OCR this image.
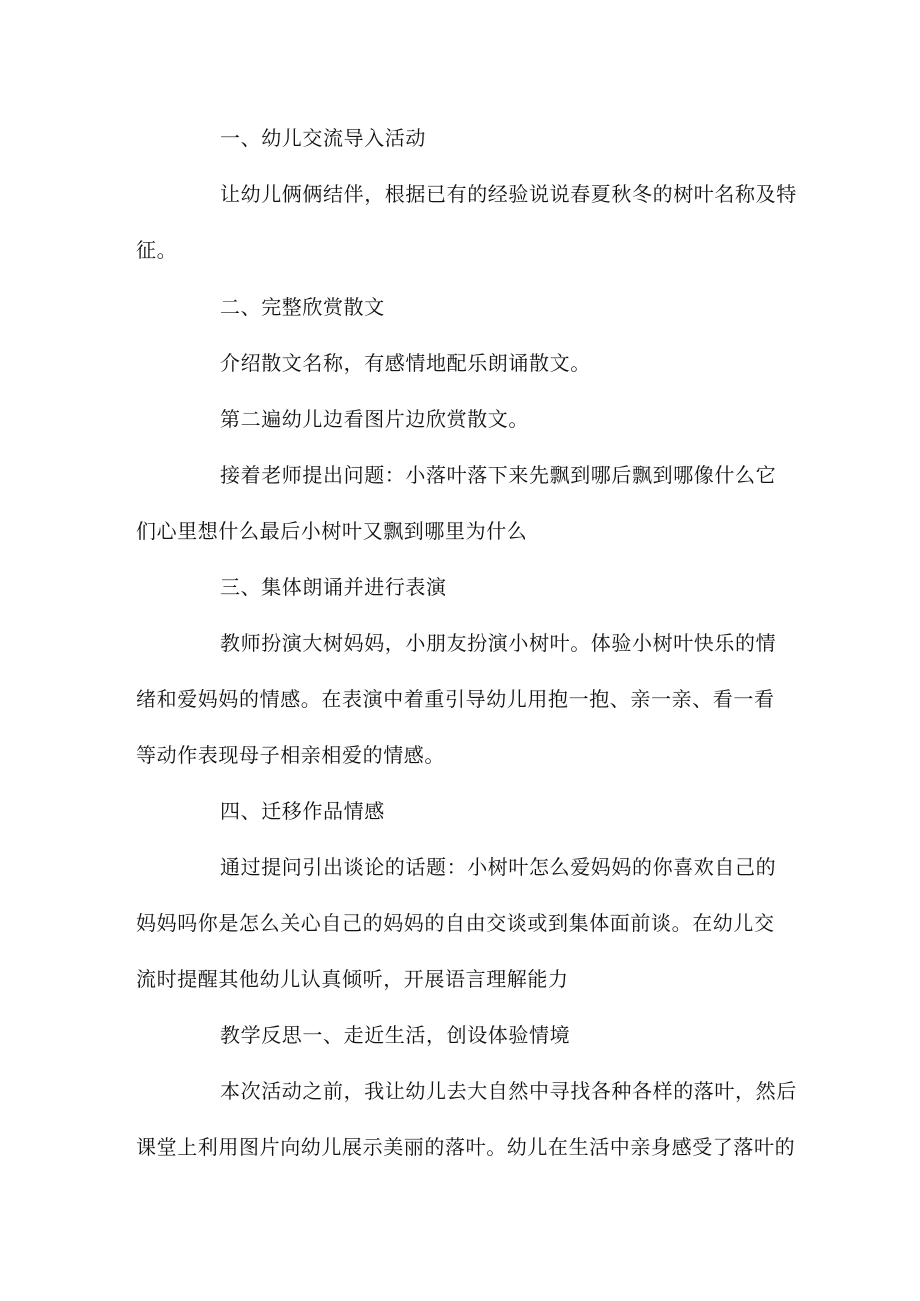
一、幼儿交流导入活动

让幼儿俩俩结伴，根据已有的经验说说春夏秋冬的树叶名称及特

征。

二、完整欣赏散文

介绍散文名称，有感情地配乐朗诵散文。

第二遍幼儿边看图片边欣赏散文。

接着老师提出问题：小落叶落下来先飘到哪后飘到哪像什么它

们心里想什么最后小树叶又飘到哪里为什么

三、集体朗诵并进行表演

教师扮演大树妈妈，小朋友扮演小树叶。体验小树叶快乐的情

绪和爱妈妈的情感。在表演中着重引导幼儿用抱一抱、亲一亲、看一看

等动作表现母子相亲相爱的情感。

四、迁移作品情感

通过提问引出谈论的话题：小树叶怎么爱妈妈的你喜欢自己的

妈妈吗你是怎么关心自己的妈妈的自由交谈或到集体面前谈。在幼儿交

流时提醒其他幼儿认真倾听，开展语言理解能力

教学反思一、走近生活，创设体验情境

本次活动之前，我让幼儿去大自然中寻找各种各样的落叶，然后

课堂上利用图片向幼儿展示美丽的落叶。幼儿在生活中亲身感受了落叶的
